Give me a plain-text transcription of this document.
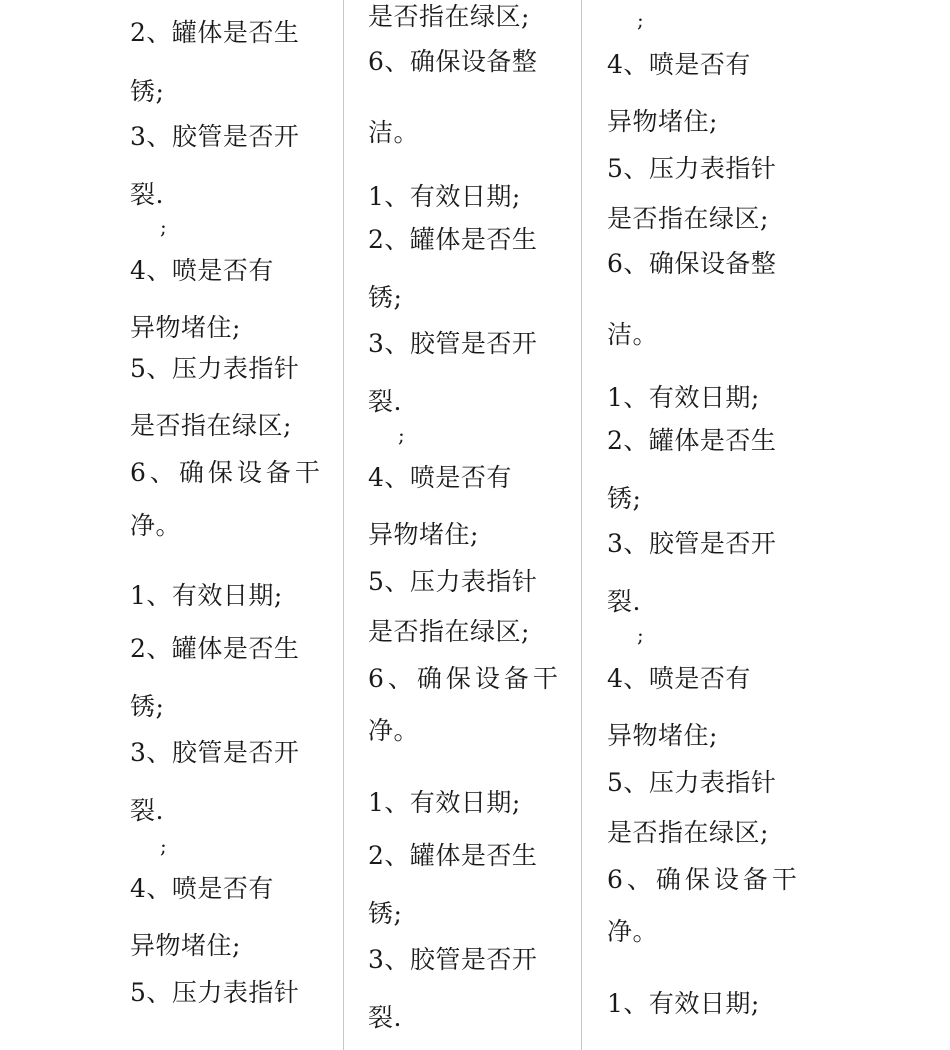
2、罐体是否生
锈;
3、胶管是否开
裂.
;
4、喷是否有
异物堵住;
5、压力表指针
是否指在绿区;
6、确保设备干
净。
1、有效日期;
2、罐体是否生
锈;
3、胶管是否开
裂.
;
4、喷是否有
异物堵住;
5、压力表指针
是否指在绿区;
6、确保设备整
洁。
1、有效日期;
2、罐体是否生
锈;
3、胶管是否开
裂.
;
4、喷是否有
异物堵住;
5、压力表指针
是否指在绿区;
6、确保设备干
净。
1、有效日期;
2、罐体是否生
锈;
3、胶管是否开
裂.
;
4、喷是否有
异物堵住;
5、压力表指针
是否指在绿区;
6、确保设备整
洁。
1、有效日期;
2、罐体是否生
锈;
3、胶管是否开
裂.
;
4、喷是否有
异物堵住;
5、压力表指针
是否指在绿区;
6、确保设备干
净。
1、有效日期;
